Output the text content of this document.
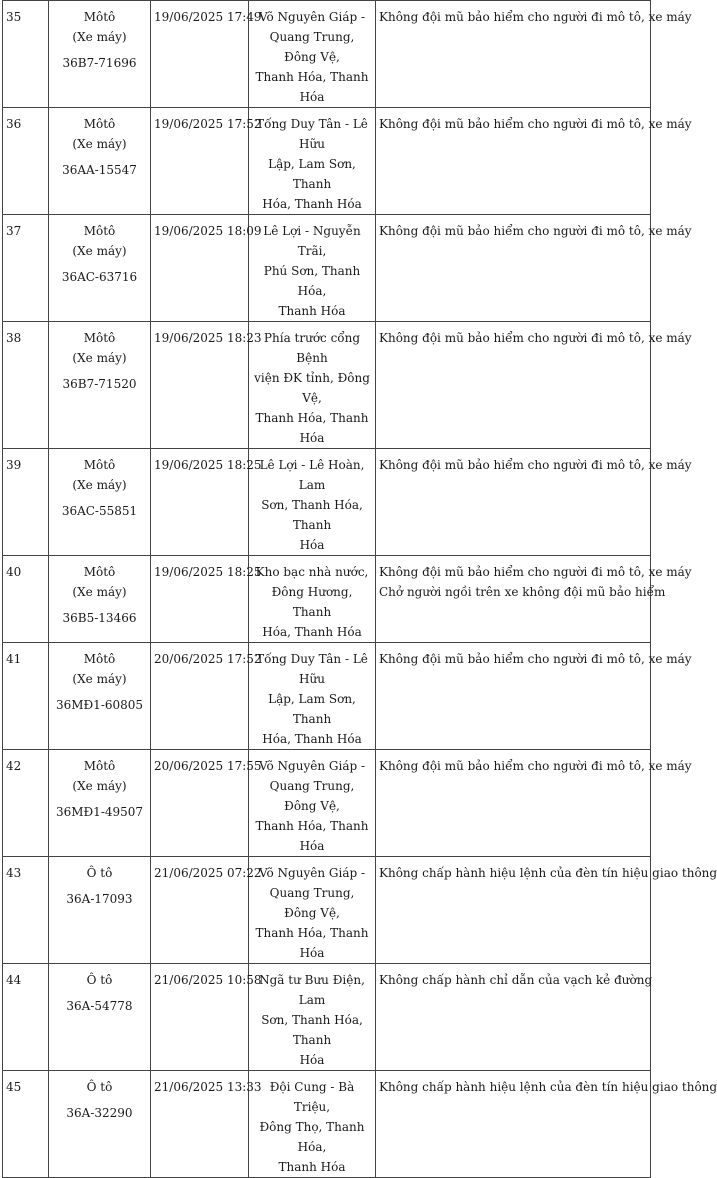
35	Môtô
(Xe máy)
36B7-71696	19/06/2025 17:49	Võ Nguyên Giáp -
Quang Trung, Đông Vệ,
Thanh Hóa, Thanh Hóa	Không đội mũ bảo hiểm cho người đi mô tô, xe máy

36	Môtô
(Xe máy)
36AA-15547	19/06/2025 17:52	Tống Duy Tân - Lê Hữu
Lập, Lam Sơn, Thanh
Hóa, Thanh Hóa	Không đội mũ bảo hiểm cho người đi mô tô, xe máy

37	Môtô
(Xe máy)
36AC-63716	19/06/2025 18:09	Lê Lợi - Nguyễn Trãi,
Phú Sơn, Thanh Hóa,
Thanh Hóa	Không đội mũ bảo hiểm cho người đi mô tô, xe máy

38	Môtô
(Xe máy)
36B7-71520	19/06/2025 18:23	Phía trước cổng Bệnh
viện ĐK tỉnh, Đông Vệ,
Thanh Hóa, Thanh Hóa	Không đội mũ bảo hiểm cho người đi mô tô, xe máy

39	Môtô
(Xe máy)
36AC-55851	19/06/2025 18:25	Lê Lợi - Lê Hoàn, Lam
Sơn, Thanh Hóa, Thanh
Hóa	Không đội mũ bảo hiểm cho người đi mô tô, xe máy

40	Môtô
(Xe máy)
36B5-13466	19/06/2025 18:25	Kho bạc nhà nước,
Đông Hương, Thanh
Hóa, Thanh Hóa	Không đội mũ bảo hiểm cho người đi mô tô, xe máy
Chở người ngồi trên xe không đội mũ bảo hiểm

41	Môtô
(Xe máy)
36MĐ1-60805	20/06/2025 17:52	Tống Duy Tân - Lê Hữu
Lập, Lam Sơn, Thanh
Hóa, Thanh Hóa	Không đội mũ bảo hiểm cho người đi mô tô, xe máy

42	Môtô
(Xe máy)
36MĐ1-49507	20/06/2025 17:55	Võ Nguyên Giáp -
Quang Trung, Đông Vệ,
Thanh Hóa, Thanh Hóa	Không đội mũ bảo hiểm cho người đi mô tô, xe máy

43	Ô tô
36A-17093	21/06/2025 07:22	Võ Nguyên Giáp -
Quang Trung, Đông Vệ,
Thanh Hóa, Thanh Hóa	Không chấp hành hiệu lệnh của đèn tín hiệu giao thông

44	Ô tô
36A-54778	21/06/2025 10:58	Ngã tư Bưu Điện, Lam
Sơn, Thanh Hóa, Thanh
Hóa	Không chấp hành chỉ dẫn của vạch kẻ đường

45	Ô tô
36A-32290	21/06/2025 13:33	Đội Cung - Bà Triệu,
Đông Thọ, Thanh Hóa,
Thanh Hóa	Không chấp hành hiệu lệnh của đèn tín hiệu giao thông
